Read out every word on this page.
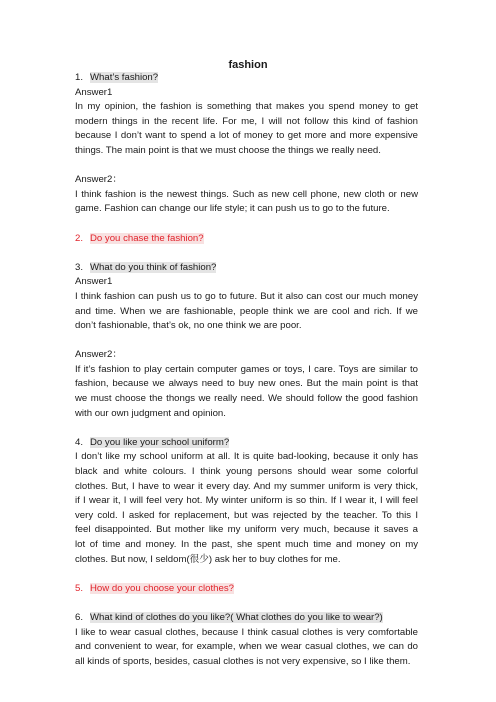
fashion

1. What’s fashion?

Answer1

In my opinion, the fashion is something that makes you spend money to get

modern things in the recent life. For me, I will not follow this kind of fashion

because I don’t want to spend a lot of money to get more and more expensive

things. The main point is that we must choose the things we really need.

Answer2：

I think fashion is the newest things. Such as new cell phone, new cloth or new

game. Fashion can change our life style; it can push us to go to the future.

2. Do you chase the fashion?

3. What do you think of fashion?

Answer1

I think fashion can push us to go to future. But it also can cost our much money

and time. When we are fashionable, people think we are cool and rich. If we

don’t fashionable, that’s ok, no one think we are poor.

Answer2：

If it’s fashion to play certain computer games or toys, I care. Toys are similar to

fashion, because we always need to buy new ones. But the main point is that

we must choose the thongs we really need. We should follow the good fashion

with our own judgment and opinion.

4. Do you like your school uniform?

I don’t like my school uniform at all. It is quite bad-looking, because it only has

black and white colours. I think young persons should wear some colorful

clothes. But, I have to wear it every day. And my summer uniform is very thick,

if I wear it, I will feel very hot. My winter uniform is so thin. If I wear it, I will feel

very cold. I asked for replacement, but was rejected by the teacher. To this I

feel disappointed. But mother like my uniform very much, because it saves a

lot of time and money. In the past, she spent much time and money on my

clothes. But now, I seldom(很少) ask her to buy clothes for me.

5. How do you choose your clothes?

6. What kind of clothes do you like?( What clothes do you like to wear?)

I like to wear casual clothes, because I think casual clothes is very comfortable

and convenient to wear, for example, when we wear casual clothes, we can do

all kinds of sports, besides, casual clothes is not very expensive, so I like them.
